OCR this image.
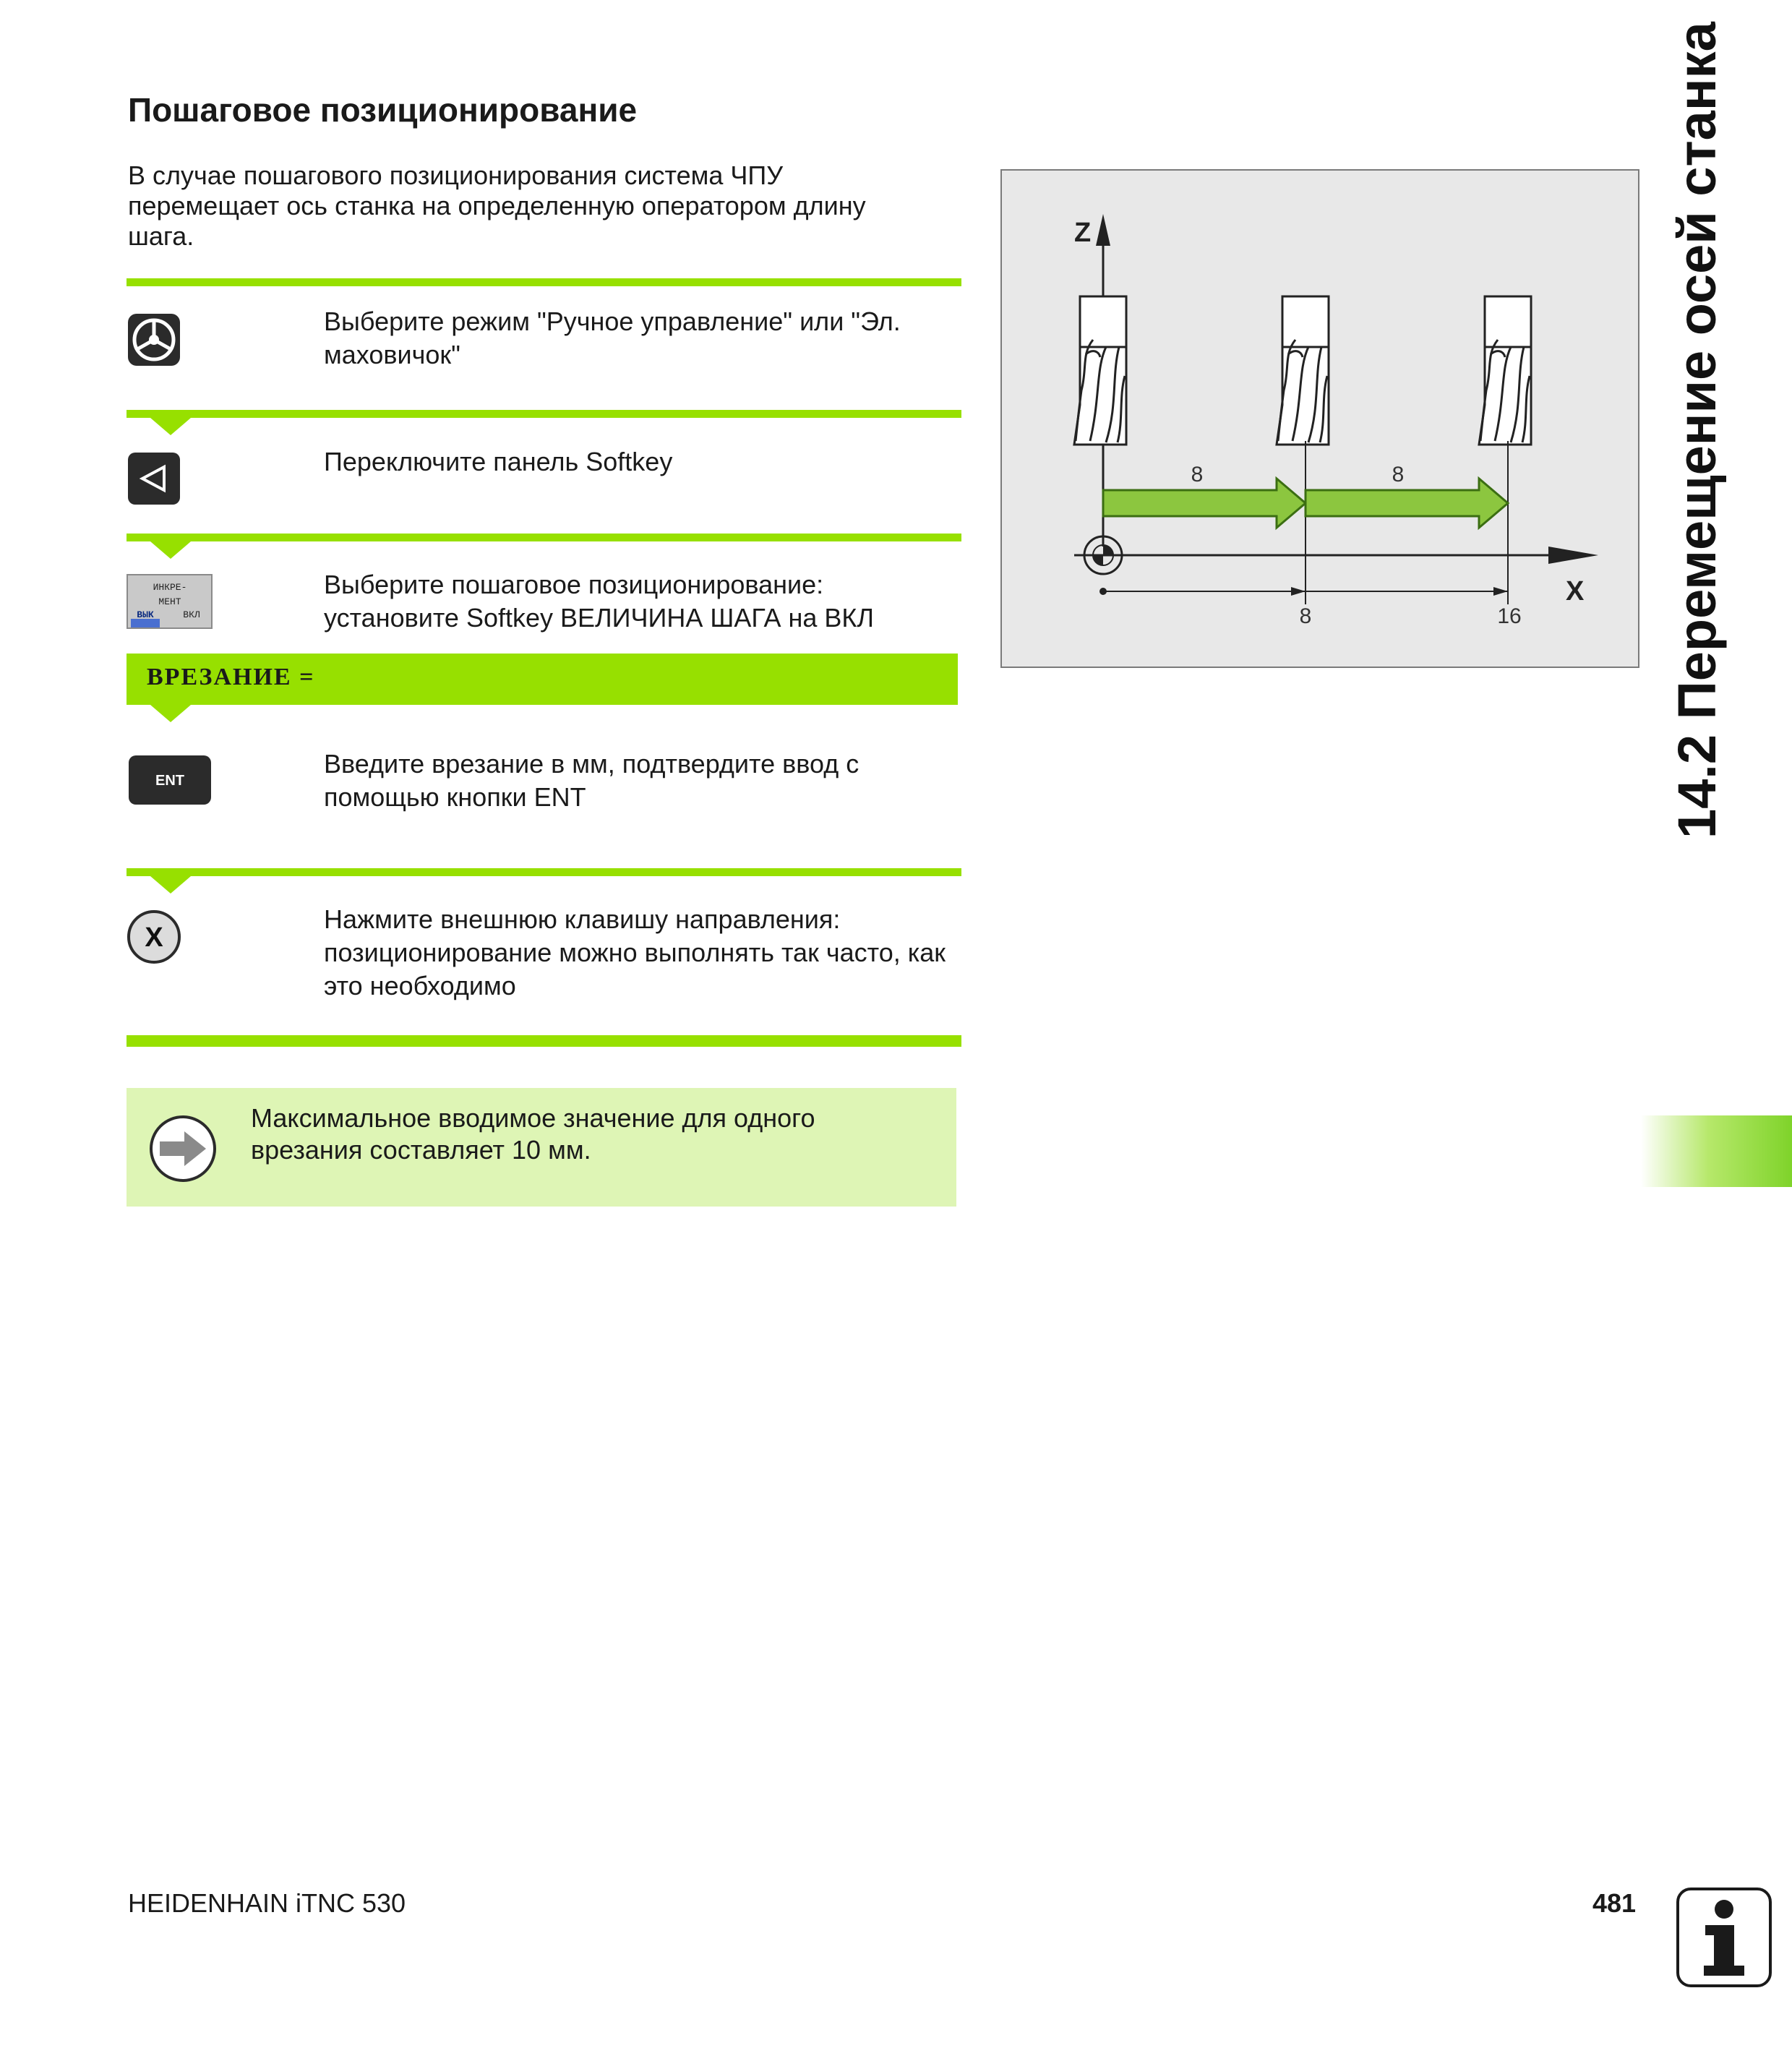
Пошаговое позиционирование
В случае пошагового позиционирования система ЧПУ перемещает ось станка на определенную оператором длину шага.
ВРЕЗАНИЕ =
Выберите режим "Ручное управление" или "Эл. маховичок"
Переключите панель Softkey
ИНКРЕ-
МЕНТ
ВЫК	ВКЛ
Выберите пошаговое позиционирование: установите Softkey ВЕЛИЧИНА ШАГА на ВКЛ
ENT
Введите врезание в мм, подтвердите ввод с помощью кнопки ENT
X
Нажмите внешнюю клавишу направления: позиционирование можно выполнять так часто, как это необходимо
Максимальное вводимое значение для одного врезания составляет 10 мм.
Z
X
8	8
8	16	14.2 Перемещение осей станка
HEIDENHAIN iTNC 530	481
